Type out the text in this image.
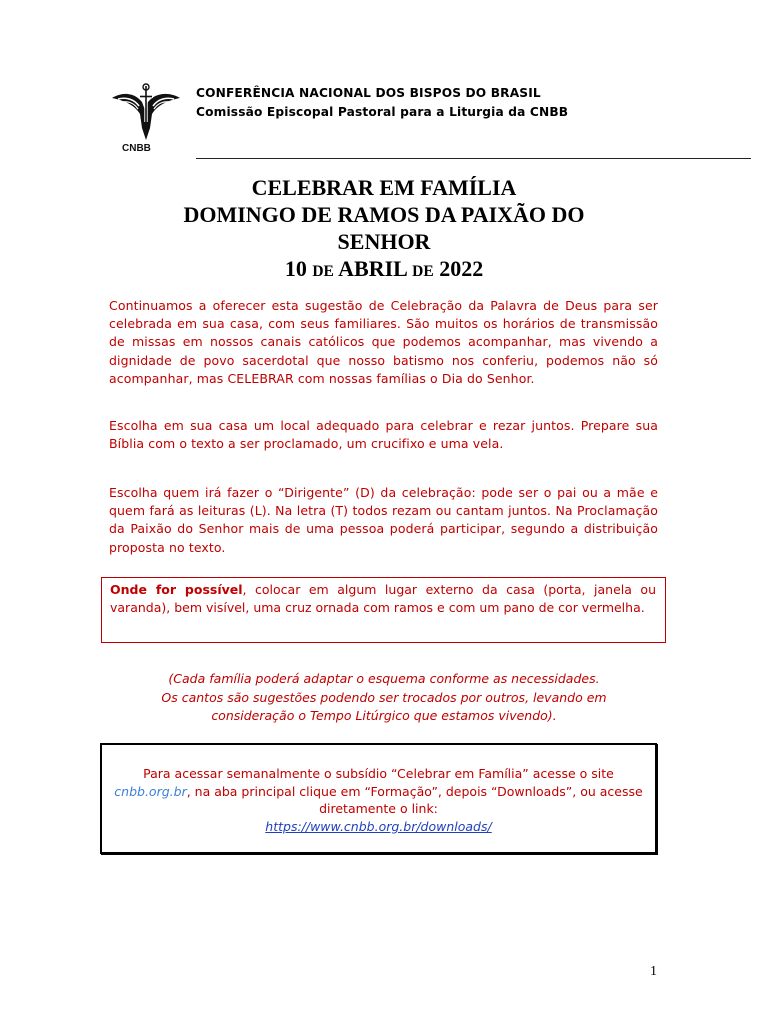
CNBB
CONFERÊNCIA NACIONAL DOS BISPOS DO BRASIL
Comissão Episcopal Pastoral para a Liturgia da CNBB
CELEBRAR EM FAMÍLIA
DOMINGO DE RAMOS DA PAIXÃO DO
SENHOR
10 DE ABRIL DE 2022

Continuamos a oferecer esta sugestão de Celebração da Palavra de Deus para ser celebrada em sua casa, com seus familiares. São muitos os horários de transmissão de missas em nossos canais católicos que podemos acompanhar, mas vivendo a dignidade de povo sacerdotal que nosso batismo nos conferiu, podemos não só acompanhar, mas CELEBRAR com nossas famílias o Dia do Senhor.

Escolha em sua casa um local adequado para celebrar e rezar juntos. Prepare sua Bíblia com o texto a ser proclamado, um crucifixo e uma vela.

Escolha quem irá fazer o “Dirigente” (D) da celebração: pode ser o pai ou a mãe e quem fará as leituras (L). Na letra (T) todos rezam ou cantam juntos. Na Proclamação da Paixão do Senhor mais de uma pessoa poderá participar, segundo a distribuição proposta no texto.

Onde for possível, colocar em algum lugar externo da casa (porta, janela ou varanda), bem visível, uma cruz ornada com ramos e com um pano de cor vermelha.
(Cada família poderá adaptar o esquema conforme as necessidades.
Os cantos são sugestões podendo ser trocados por outros, levando em
consideração o Tempo Litúrgico que estamos vivendo).
Para acessar semanalmente o subsídio “Celebrar em Família” acesse o site cnbb.org.br, na aba principal clique em “Formação”, depois “Downloads”, ou acesse diretamente o link:
https://www.cnbb.org.br/downloads/
1
